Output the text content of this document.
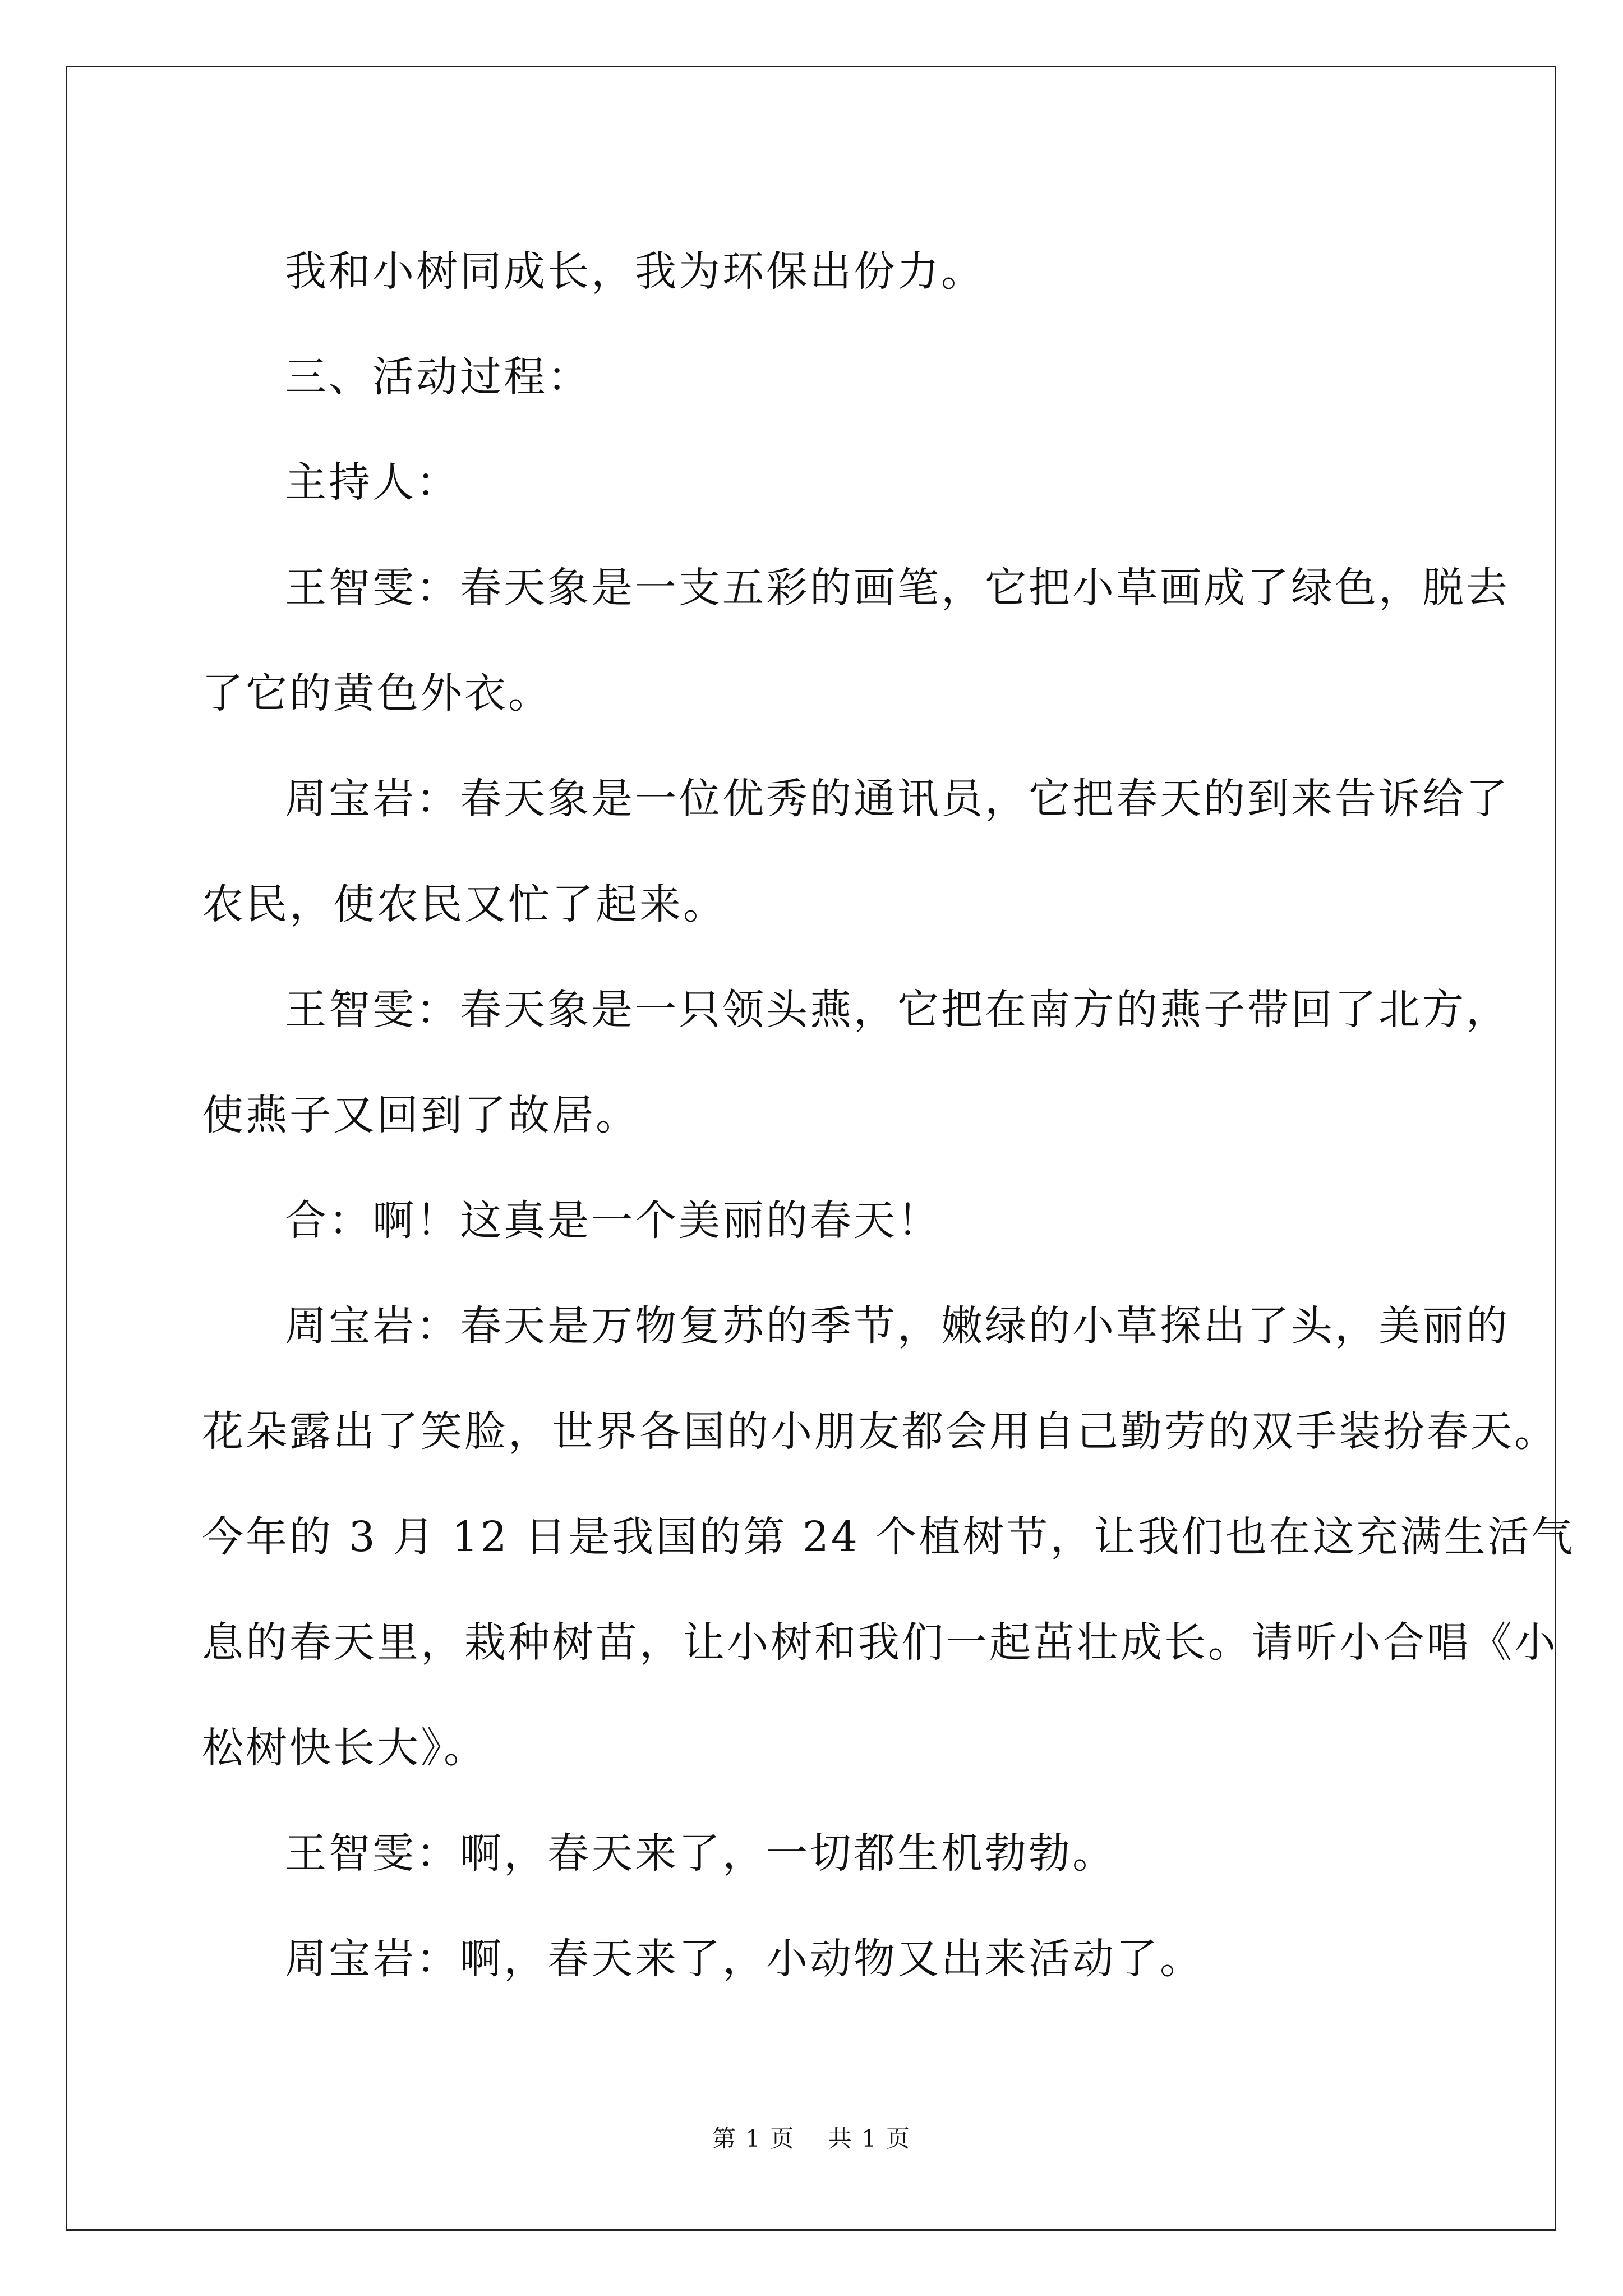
我和小树同成长，我为环保出份力。

三、活动过程：

主持人：

王智雯：春天象是一支五彩的画笔，它把小草画成了绿色，脱去
了它的黄色外衣。

周宝岩：春天象是一位优秀的通讯员，它把春天的到来告诉给了
农民，使农民又忙了起来。

王智雯：春天象是一只领头燕，它把在南方的燕子带回了北方，
使燕子又回到了故居。

合：啊！这真是一个美丽的春天！

周宝岩：春天是万物复苏的季节，嫩绿的小草探出了头，美丽的
花朵露出了笑脸，世界各国的小朋友都会用自己勤劳的双手装扮春天。
今年的 3 月 12 日是我国的第 24 个植树节，让我们也在这充满生活气
息的春天里，栽种树苗，让小树和我们一起茁壮成长。请听小合唱《小
松树快长大》。

王智雯：啊，春天来了，一切都生机勃勃。

周宝岩：啊，春天来了，小动物又出来活动了。

第 1 页 共 1 页
